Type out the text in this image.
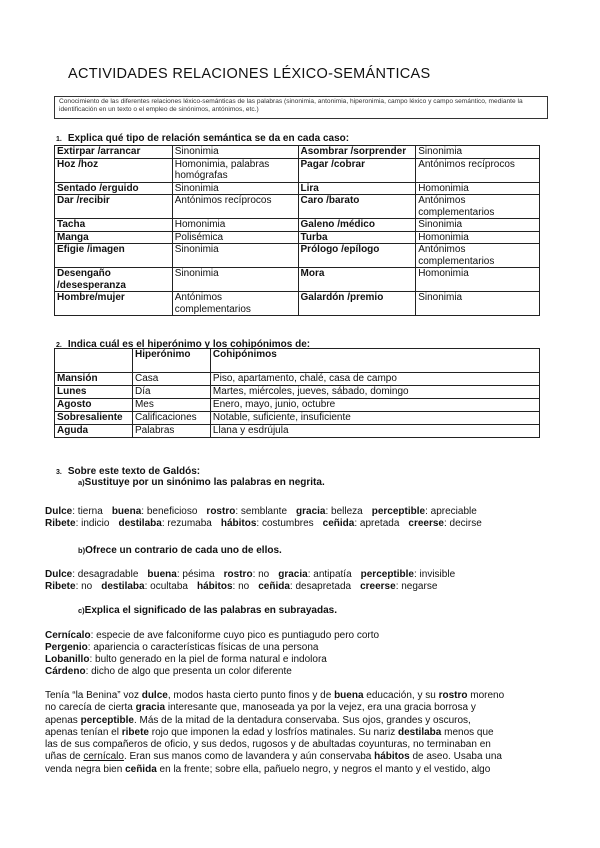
ACTIVIDADES RELACIONES LÉXICO-SEMÁNTICAS
Conocimiento de las diferentes relaciones léxico-semánticas de las palabras (sinonimia, antonimia, hiperonimia, campo léxico y campo semántico, mediante la identificación en un texto o el empleo de sinónimos, antónimos, etc.)
1. Explica qué tipo de relación semántica se da en cada caso:
Extirpar /arrancar	Sinonimia	Asombrar /sorprender	Sinonimia
Hoz /hoz	Homonimia, palabras homógrafas	Pagar /cobrar	Antónimos recíprocos
Sentado /erguido	Sinonimia	Lira	Homonimia
Dar /recibir	Antónimos recíprocos	Caro /barato	Antónimos complementarios
Tacha	Homonimia	Galeno /médico	Sinonimia
Manga	Polisémica	Turba	Homonimia
Efigie /imagen	Sinonimia	Prólogo /epílogo	Antónimos complementarios
Desengaño /desesperanza	Sinonimia	Mora	Homonimia
Hombre/mujer	Antónimos complementarios	Galardón /premio	Sinonimia
2. Indica cuál es el hiperónimo y los cohipónimos de:
	Hiperónimo	Cohipónimos
Mansión	Casa	Piso, apartamento, chalé, casa de campo
Lunes	Día	Martes, miércoles, jueves, sábado, domingo
Agosto	Mes	Enero, mayo, junio, octubre
Sobresaliente	Calificaciones	Notable, suficiente, insuficiente
Aguda	Palabras	Llana y esdrújula
3. Sobre este texto de Galdós:
a)Sustituye por un sinónimo las palabras en negrita.
Dulce: tierna buena: beneficioso rostro: semblante gracia: belleza perceptible: apreciable
Ribete: indicio destilaba: rezumaba hábitos: costumbres ceñida: apretada creerse: decirse
b)Ofrece un contrario de cada uno de ellos.
Dulce: desagradable buena: pésima rostro: no gracia: antipatía perceptible: invisible
Ribete: no destilaba: ocultaba hábitos: no ceñida: desapretada creerse: negarse
c)Explica el significado de las palabras en subrayadas.
Cernícalo: especie de ave falconiforme cuyo pico es puntiagudo pero corto
Pergenio: apariencia o características físicas de una persona
Lobanillo: bulto generado en la piel de forma natural e indolora
Cárdeno: dicho de algo que presenta un color diferente

Tenía “la Benina” voz dulce, modos hasta cierto punto finos y de buena educación, y su rostro moreno

no carecía de cierta gracia interesante que, manoseada ya por la vejez, era una gracia borrosa y

apenas perceptible. Más de la mitad de la dentadura conservaba. Sus ojos, grandes y oscuros,

apenas tenían el ribete rojo que imponen la edad y losfríos matinales. Su nariz destilaba menos que

las de sus compañeros de oficio, y sus dedos, rugosos y de abultadas coyunturas, no terminaban en

uñas de cernícalo. Eran sus manos como de lavandera y aún conservaba hábitos de aseo. Usaba una

venda negra bien ceñida en la frente; sobre ella, pañuelo negro, y negros el manto y el vestido, algo
